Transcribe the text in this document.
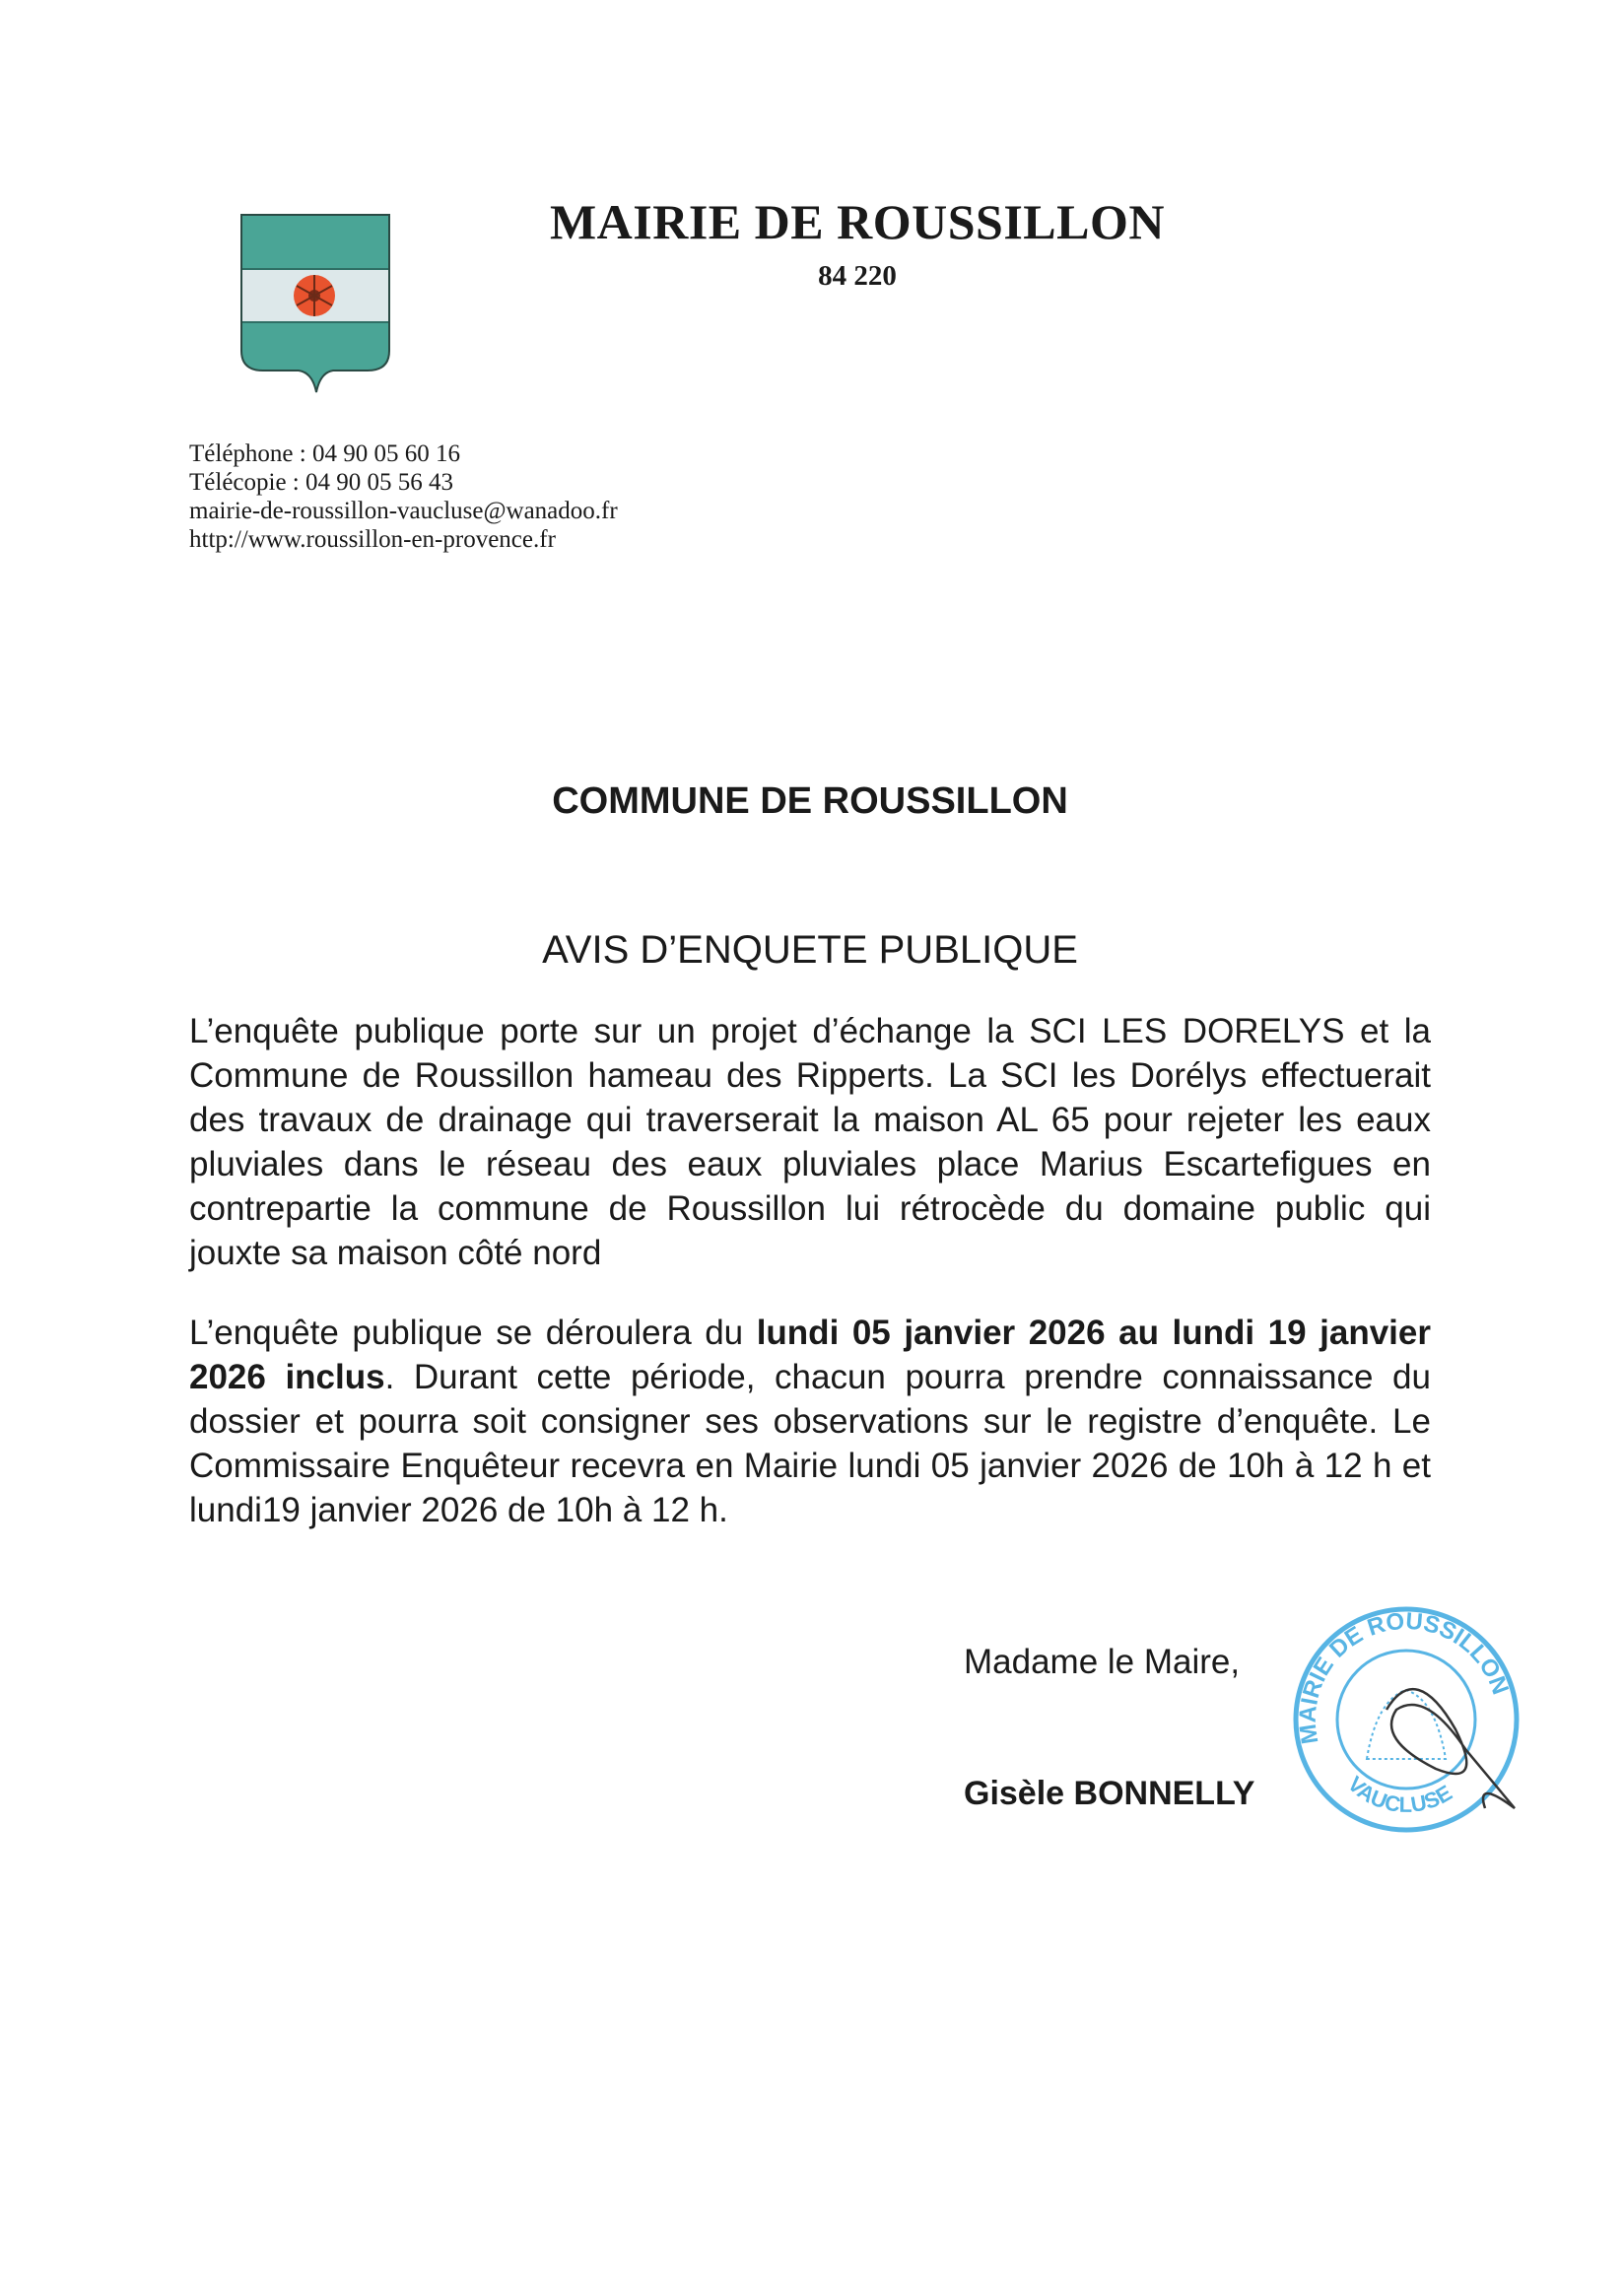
MAIRIE DE ROUSSILLON
84 220
Téléphone : 04 90 05 60 16
Télécopie : 04 90 05 56 43
mairie-de-roussillon-vaucluse@wanadoo.fr
http://www.roussillon-en-provence.fr
COMMUNE DE ROUSSILLON
AVIS D’ENQUETE PUBLIQUE
L’enquête publique porte sur un projet d’échange la SCI LES DORELYS et la Commune de Roussillon hameau des Ripperts. La SCI les Dorélys effectuerait des travaux de drainage qui traverserait la maison AL 65 pour rejeter les eaux pluviales dans le réseau des eaux pluviales place Marius Escartefigues en contrepartie la commune de Roussillon lui rétrocède du domaine public qui jouxte sa maison côté nord
L’enquête publique se déroulera du lundi 05 janvier 2026 au lundi 19 janvier 2026 inclus. Durant cette période, chacun pourra prendre connaissance du dossier et pourra soit consigner ses observations sur le registre d’enquête. Le Commissaire Enquêteur recevra en Mairie lundi 05 janvier 2026 de 10h à 12 h et lundi19 janvier 2026 de 10h à 12 h.
Madame le Maire,
Gisèle BONNELLY
MAIRIE DE ROUSSILLON
VAUCLUSE
